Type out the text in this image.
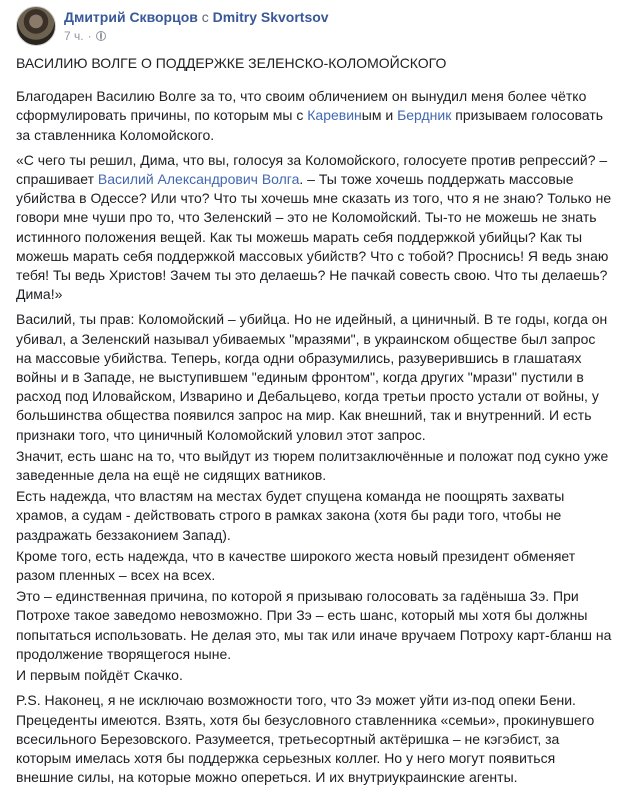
Дмитрий Скворцов с Dmitry Skvortsov
7 ч. ·

ВАСИЛИЮ ВОЛГЕ О ПОДДЕРЖКЕ ЗЕЛЕНСКО-КОЛОМОЙСКОГО

Благодарен Василию Волге за то, что своим обличением он вынудил меня более чётко сформулировать причины, по которым мы с Каревиным и Бердник призываем голосовать за ставленника Коломойского.

«С чего ты решил, Дима, что вы, голосуя за Коломойского, голосуете против репрессий? – спрашивает Василий Александрович Волга. – Ты тоже хочешь поддержать массовые убийства в Одессе? Или что? Что ты хочешь мне сказать из того, что я не знаю? Только не говори мне чуши про то, что Зеленский – это не Коломойский. Ты-то не можешь не знать истинного положения вещей. Как ты можешь марать себя поддержкой убийцы? Как ты можешь марать себя поддержкой массовых убийств? Что с тобой? Проснись! Я ведь знаю тебя! Ты ведь Христов! Зачем ты это делаешь? Не пачкай совесть свою. Что ты делаешь? Дима!»

Василий, ты прав: Коломойский – убийца. Но не идейный, а циничный. В те годы, когда он убивал, а Зеленский называл убиваемых "мразями", в украинском обществе был запрос на массовые убийства. Теперь, когда одни образумились, разуверившись в глашатаях войны и в Западе, не выступившем "единым фронтом", когда других "мрази" пустили в расход под Иловайском, Изварино и Дебальцево, когда третьи просто устали от войны, у большинства общества появился запрос на мир. Как внешний, так и внутренний. И есть признаки того, что циничный Коломойский уловил этот запрос.

Значит, есть шанс на то, что выйдут из тюрем политзаключённые и положат под сукно уже заведенные дела на ещё не сидящих ватников.

Есть надежда, что властям на местах будет спущена команда не поощрять захваты храмов, а судам - действовать строго в рамках закона (хотя бы ради того, чтобы не раздражать беззаконием Запад).

Кроме того, есть надежда, что в качестве широкого жеста новый президент обменяет разом пленных – всех на всех.

Это – единственная причина, по которой я призываю голосовать за гадёныша Зэ. При Потрохе такое заведомо невозможно. При Зэ – есть шанс, который мы хотя бы должны попытаться использовать. Не делая это, мы так или иначе вручаем Потроху карт-бланш на продолжение творящегося ныне.

И первым пойдёт Скачко.

P.S. Наконец, я не исключаю возможности того, что Зэ может уйти из-под опеки Бени. Прецеденты имеются. Взять, хотя бы безусловного ставленника «семьи», прокинувшего всесильного Березовского. Разумеется, третьесортный актёришка – не кэгэбист, за которым имелась хотя бы поддержка серьезных коллег. Но у него могут появиться внешние силы, на которые можно опереться. И их внутриукраинские агенты.
